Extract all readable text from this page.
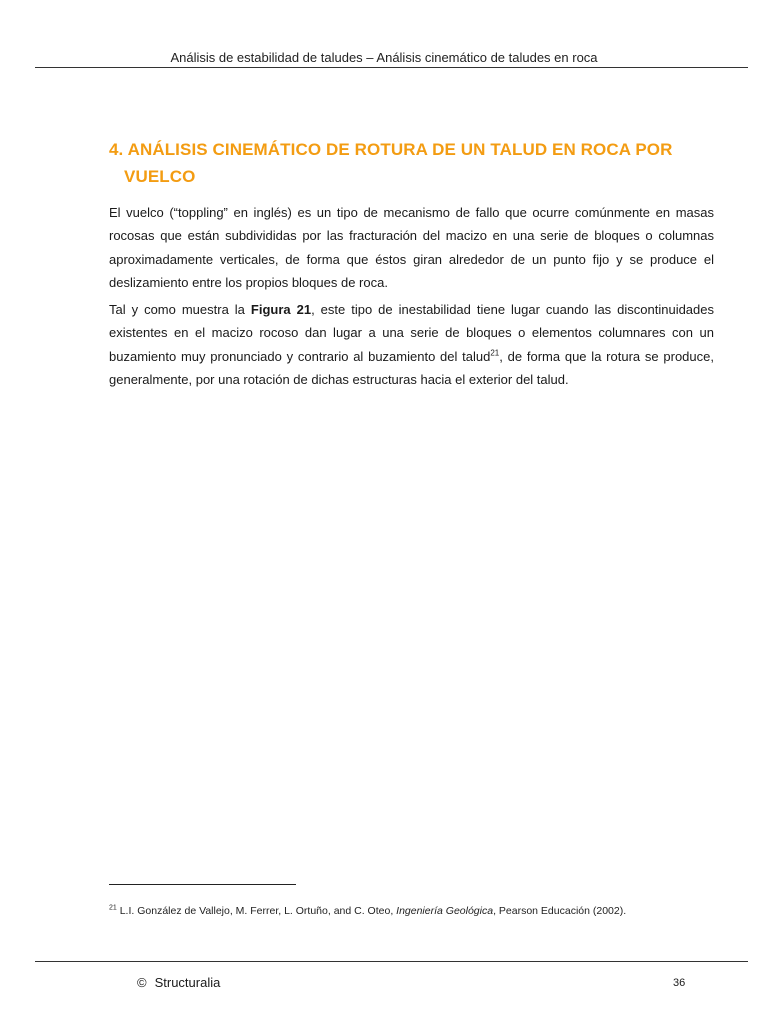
Análisis de estabilidad de taludes – Análisis cinemático de taludes en roca
4. ANÁLISIS CINEMÁTICO DE ROTURA DE UN TALUD EN ROCA POR
VUELCO

El vuelco (“toppling” en inglés) es un tipo de mecanismo de fallo que ocurre comúnmente en masas rocosas que están subdivididas por las fracturación del macizo en una serie de bloques o columnas aproximadamente verticales, de forma que éstos giran alrededor de un punto fijo y se produce el deslizamiento entre los propios bloques de roca.

Tal y como muestra la Figura 21, este tipo de inestabilidad tiene lugar cuando las discontinuidades existentes en el macizo rocoso dan lugar a una serie de bloques o elementos columnares con un buzamiento muy pronunciado y contrario al buzamiento del talud$^{21}$, de forma que la rotura se produce, generalmente, por una rotación de dichas estructuras hacia el exterior del talud.

$^{21}$ L.I. González de Vallejo, M. Ferrer, L. Ortuño, and C. Oteo, Ingeniería Geológica, Pearson Educación (2002).
© Structuralia	36
